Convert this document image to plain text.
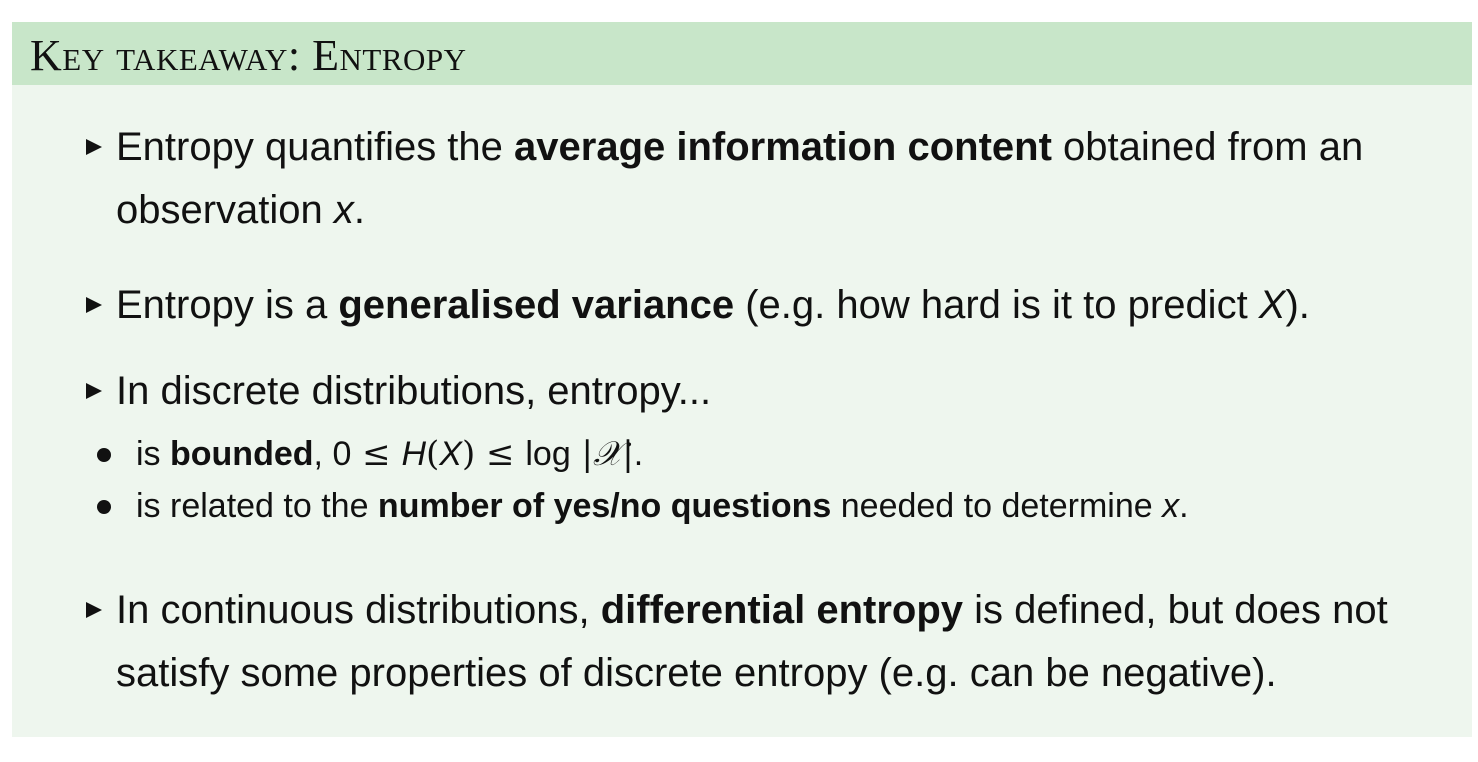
Key takeaway: Entropy
Entropy quantifies the average information content obtained from an observation x.
Entropy is a generalised variance (e.g. how hard is it to predict X).
In discrete distributions, entropy...
is bounded, 0 ≤ H(X) ≤ log |𝒳|.
is related to the number of yes/no questions needed to determine x.
In continuous distributions, differential entropy is defined, but does not satisfy some properties of discrete entropy (e.g. can be negative).
